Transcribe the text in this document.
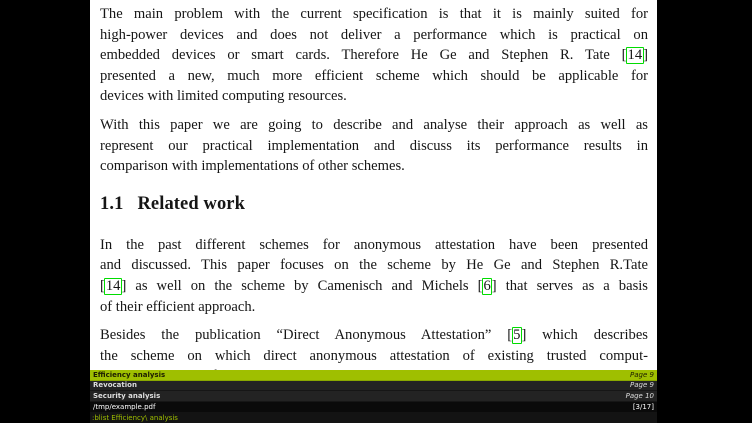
The main problem with the current specification is that it is mainly suited for
high-power devices and does not deliver a performance which is practical on
embedded devices or smart cards. Therefore He Ge and Stephen R. Tate [14]
presented a new, much more efficient scheme which should be applicable for
devices with limited computing resources.
With this paper we are going to describe and analyse their approach as well as
represent our practical implementation and discuss its performance results in
comparison with implementations of other schemes.
1.1 Related work
In the past different schemes for anonymous attestation have been presented
and discussed. This paper focuses on the scheme by He Ge and Stephen R.Tate
[14] as well on the scheme by Camenisch and Michels [6] that serves as a basis
of their efficient approach.
Besides the publication “Direct Anonymous Attestation” [5] which describes
the scheme on which direct anonymous attestation of existing trusted comput-
Efficiency analysis	Page 9
Revocation	Page 9
Security analysis	Page 10
/tmp/example.pdf	[3/17]
:blist Efficiency\ analysis
